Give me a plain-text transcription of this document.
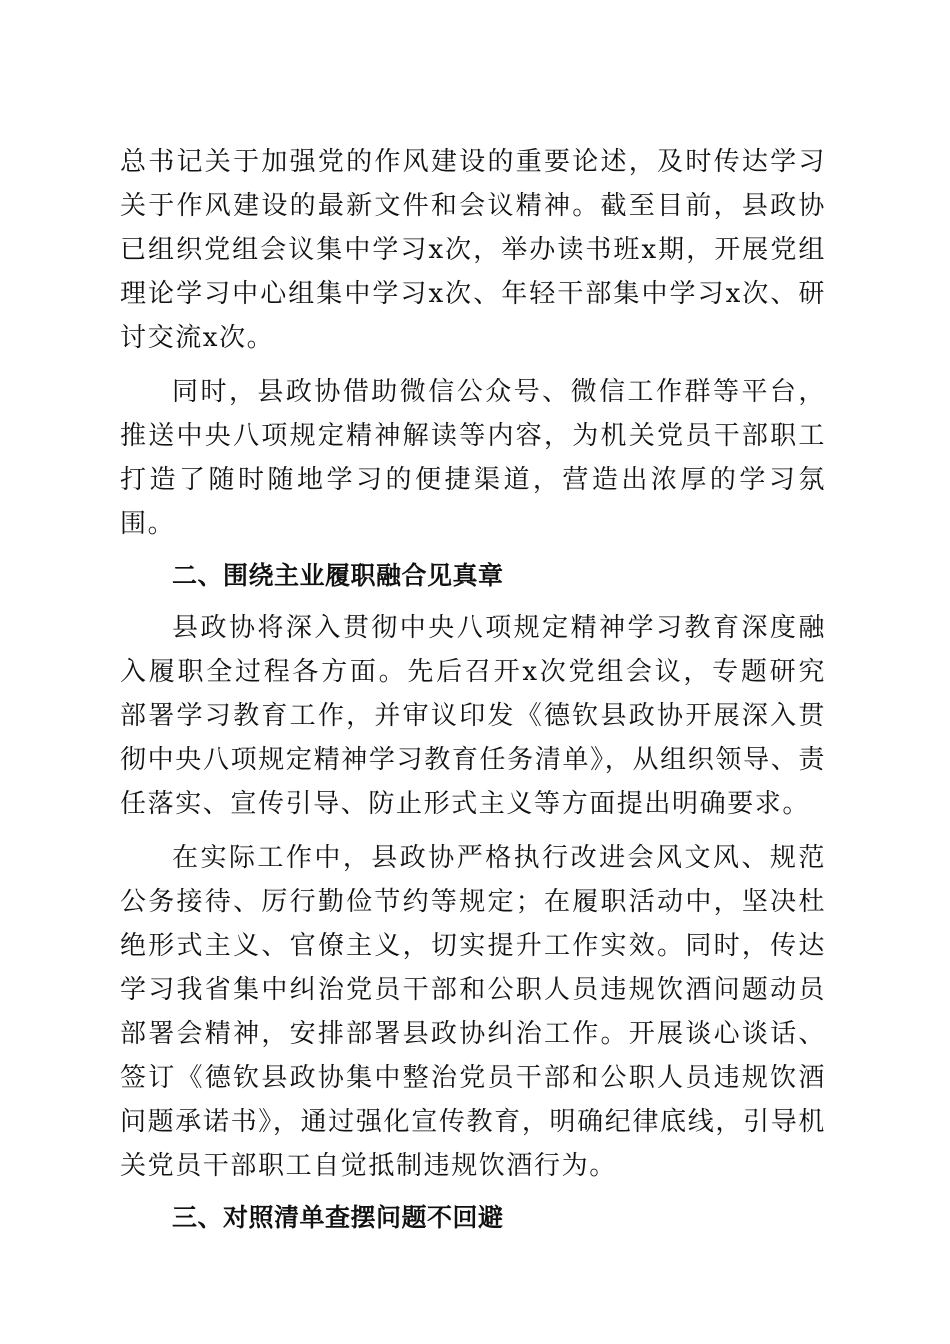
总书记关于加强党的作风建设的重要论述，及时传达学习关于作风建设的最新文件和会议精神。截至目前，县政协已组织党组会议集中学习x次，举办读书班x期，开展党组理论学习中心组集中学习x次、年轻干部集中学习x次、研讨交流x次。

同时，县政协借助微信公众号、微信工作群等平台，推送中央八项规定精神解读等内容，为机关党员干部职工打造了随时随地学习的便捷渠道，营造出浓厚的学习氛围。

二、围绕主业履职融合见真章

县政协将深入贯彻中央八项规定精神学习教育深度融入履职全过程各方面。先后召开x次党组会议，专题研究部署学习教育工作，并审议印发《德钦县政协开展深入贯彻中央八项规定精神学习教育任务清单》，从组织领导、责任落实、宣传引导、防止形式主义等方面提出明确要求。

在实际工作中，县政协严格执行改进会风文风、规范公务接待、厉行勤俭节约等规定；在履职活动中，坚决杜绝形式主义、官僚主义，切实提升工作实效。同时，传达学习我省集中纠治党员干部和公职人员违规饮酒问题动员部署会精神，安排部署县政协纠治工作。开展谈心谈话、签订《德钦县政协集中整治党员干部和公职人员违规饮酒问题承诺书》，通过强化宣传教育，明确纪律底线，引导机关党员干部职工自觉抵制违规饮酒行为。

三、对照清单查摆问题不回避
